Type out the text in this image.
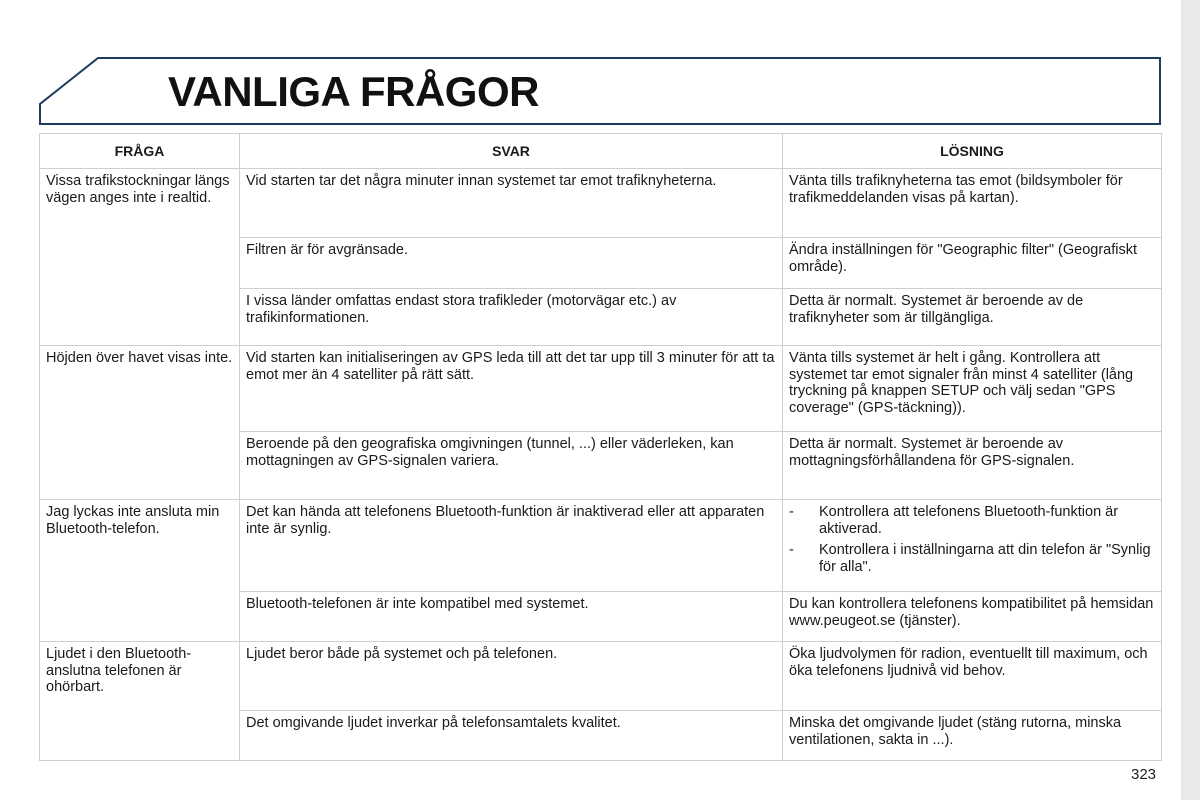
VANLIGA FRÅGOR
FRÅGA	SVAR	LÖSNING
Vissa trafikstockningar längs vägen anges inte i realtid.	Vid starten tar det några minuter innan systemet tar emot trafiknyheterna.	Vänta tills trafiknyheterna tas emot (bildsymboler för trafikmeddelanden visas på kartan).
	Filtren är för avgränsade.	Ändra inställningen för "Geographic filter" (Geografiskt område).
	I vissa länder omfattas endast stora trafikleder (motorvägar etc.) av trafikinformationen.	Detta är normalt. Systemet är beroende av de trafiknyheter som är tillgängliga.
Höjden över havet visas inte.	Vid starten kan initialiseringen av GPS leda till att det tar upp till 3 minuter för att ta emot mer än 4 satelliter på rätt sätt.	Vänta tills systemet är helt i gång. Kontrollera att systemet tar emot signaler från minst 4 satelliter (lång tryckning på knappen SETUP och välj sedan "GPS coverage" (GPS-täckning)).
	Beroende på den geografiska omgivningen (tunnel, ...) eller väderleken, kan mottagningen av GPS-signalen variera.	Detta är normalt. Systemet är beroende av mottagningsförhållandena för GPS-signalen.
Jag lyckas inte ansluta min Bluetooth-telefon.	Det kan hända att telefonens Bluetooth-funktion är inaktiverad eller att apparaten inte är synlig.	- Kontrollera att telefonens Bluetooth-funktion är aktiverad.
- Kontrollera i inställningarna att din telefon är "Synlig för alla".

	Bluetooth-telefonen är inte kompatibel med systemet.	Du kan kontrollera telefonens kompatibilitet på hemsidan www.peugeot.se (tjänster).
Ljudet i den Bluetooth-anslutna telefonen är ohörbart.	Ljudet beror både på systemet och på telefonen.	Öka ljudvolymen för radion, eventuellt till maximum, och öka telefonens ljudnivå vid behov.
	Det omgivande ljudet inverkar på telefonsamtalets kvalitet.	Minska det omgivande ljudet (stäng rutorna, minska ventilationen, sakta in ...).
323
